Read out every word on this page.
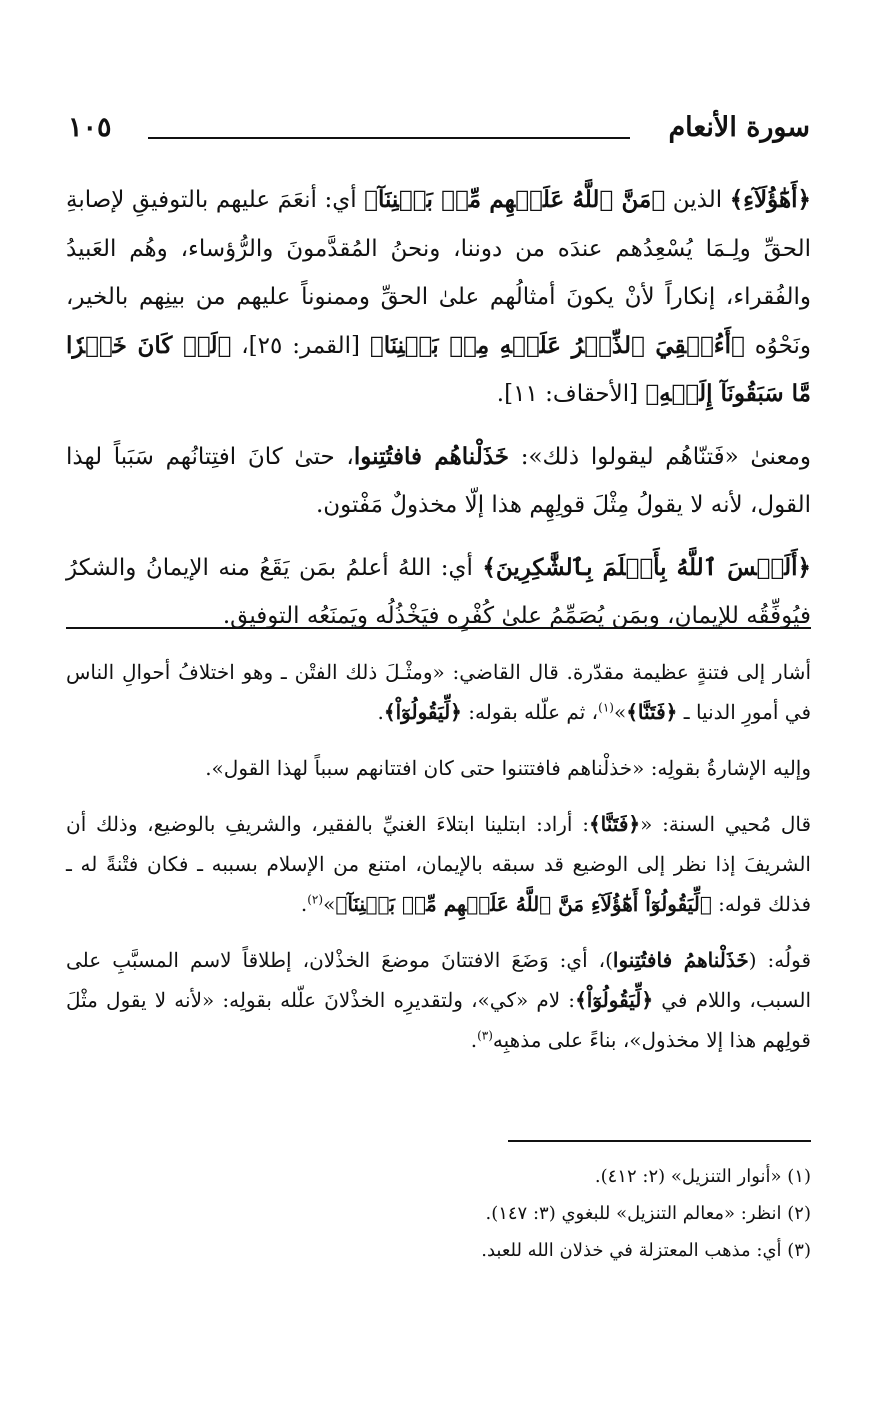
سورة الأنعام
١٠٥

﴿أَهَٰٓؤُلَآءِ﴾ الذين ﴿مَنَّ ٱللَّهُ عَلَيۡهِم مِّنۢ بَيۡنِنَآ﴾ أي: أنعَمَ عليهم بالتوفيقِ لإصابةِ الحقِّ ولِـمَا يُسْعِدُهم عندَه من دوننا، ونحنُ المُقدَّمونَ والرُّؤساء، وهُم العَبيدُ والفُقراء، إنكاراً لأنْ يكونَ أمثالُهم علىٰ الحقِّ وممنوناً عليهم من بينِهم بالخير، ونَحْوُه ﴿أَءُلۡقِيَ ٱلذِّكۡرُ عَلَيۡهِ مِنۢ بَيۡنِنَا﴾ [القمر: ٢٥]، ﴿لَوۡ كَانَ خَيۡرٗا مَّا سَبَقُونَآ إِلَيۡهِ﴾ [الأحقاف: ١١].

ومعنىٰ «فَتنّاهُم ليقولوا ذلك»: خَذَلْناهُم فافتُتِنوا، حتىٰ كانَ افتِتانُهم سَبَباً لهذا القول، لأنه لا يقولُ مِثْلَ قولِهِم هذا إلّا مخذولٌ مَفْتون.

﴿أَلَيۡسَ ٱللَّهُ بِأَعۡلَمَ بِٱلشَّٰكِرِينَ﴾ أي: اللهُ أعلمُ بمَن يَقَعُ منه الإيمانُ والشكرُ فيُوفِّقُه للإيمان، وبمَن يُصَمِّمُ علىٰ كُفْرِه فيَخْذُلُه ويَمنَعُه التوفيق.

أشار إلى فتنةٍ عظيمة مقدّرة. قال القاضي: «ومثْـلَ ذلك الفتْن ـ وهو اختلافُ أحوالِ الناس في أمورِ الدنيا ـ ﴿فَتَنَّا﴾»$^{(١)}$، ثم علّله بقوله: ﴿لِّيَقُولُوٓاْ﴾.

وإليه الإشارةُ بقولِه: «خذلْناهم فافتتنوا حتى كان افتتانهم سبباً لهذا القول».

قال مُحيي السنة: «﴿فَتَنَّا﴾: أراد: ابتلينا ابتلاءَ الغنيِّ بالفقير، والشريفِ بالوضيع، وذلك أن الشريفَ إذا نظر إلى الوضيع قد سبقه بالإيمان، امتنع من الإسلام بسببه ـ فكان فتْنةً له ـ فذلك قوله: ﴿لِّيَقُولُوٓاْ أَهَٰٓؤُلَآءِ مَنَّ ٱللَّهُ عَلَيۡهِم مِّنۢ بَيۡنِنَآ﴾»$^{(٢)}$.

قولُه: (خَذَلْناهمُ فافتُتِنوا)، أي: وَضَعَ الافتتانَ موضعَ الخذْلان، إطلاقاً لاسم المسبَّبِ على السبب، واللام في ﴿لِّيَقُولُوٓاْ﴾: لام «كي»، ولتقديرِه الخذْلانَ علّله بقولِه: «لأنه لا يقول مثْلَ قولِهم هذا إلا مخذول»، بناءً على مذهبِه$^{(٣)}$.

(١) «أنوار التنزيل» (٢: ٤١٢).
(٢) انظر: «معالم التنزيل» للبغوي (٣: ١٤٧).
(٣) أي: مذهب المعتزلة في خذلان الله للعبد.
